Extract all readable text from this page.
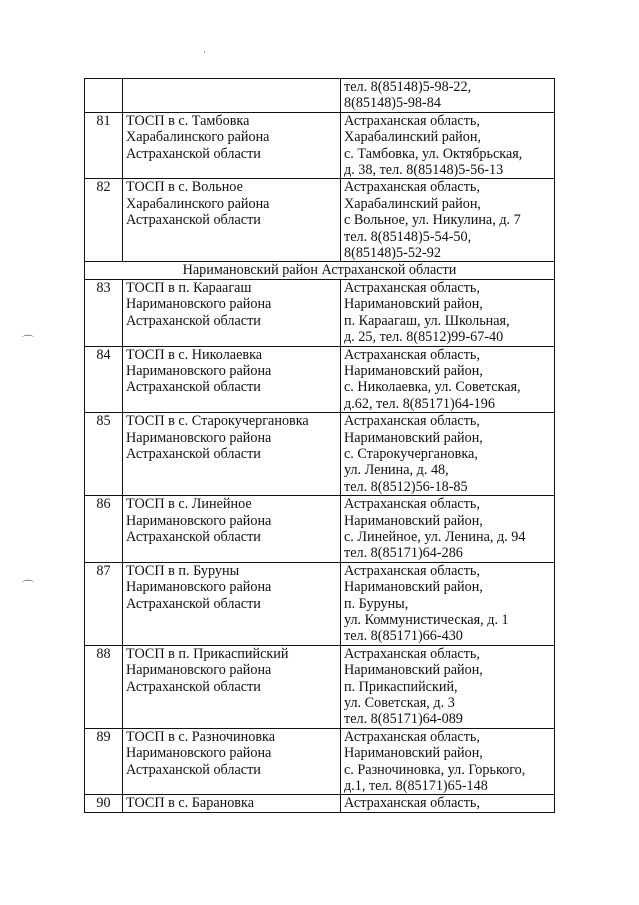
·
⌒
⌒
		тел. 8(85148)5-98-22,
8(85148)5-98-84
81	ТОСП в с. Тамбовка
Харабалинского района
Астраханской области	Астраханская область,
Харабалинский район,
с. Тамбовка, ул. Октябрьская,
д. 38, тел. 8(85148)5-56-13
82	ТОСП в с. Вольное
Харабалинского района
Астраханской области	Астраханская область,
Харабалинский район,
с Вольное, ул. Никулина, д. 7
тел. 8(85148)5-54-50,
8(85148)5-52-92
Наримановский район Астраханской области		
83	ТОСП в п. Караагаш
Наримановского района
Астраханской области	Астраханская область,
Наримановский район,
п. Караагаш, ул. Школьная,
д. 25, тел. 8(8512)99-67-40
84	ТОСП в с. Николаевка
Наримановского района
Астраханской области	Астраханская область,
Наримановский район,
с. Николаевка, ул. Советская,
д.62, тел. 8(85171)64-196
85	ТОСП в с. Старокучергановка
Наримановского района
Астраханской области	Астраханская область,
Наримановский район,
с. Старокучергановка,
ул. Ленина, д. 48,
тел. 8(8512)56-18-85
86	ТОСП в с. Линейное
Наримановского района
Астраханской области	Астраханская область,
Наримановский район,
с. Линейное, ул. Ленина, д. 94
тел. 8(85171)64-286
87	ТОСП в п. Буруны
Наримановского района
Астраханской области	Астраханская область,
Наримановский район,
п. Буруны,
ул. Коммунистическая, д. 1
тел. 8(85171)66-430
88	ТОСП в п. Прикаспийский
Наримановского района
Астраханской области	Астраханская область,
Наримановский район,
п. Прикаспийский,
ул. Советская, д. 3
тел. 8(85171)64-089
89	ТОСП в с. Разночиновка
Наримановского района
Астраханской области	Астраханская область,
Наримановский район,
с. Разночиновка, ул. Горького,
д.1, тел. 8(85171)65-148
90	ТОСП в с. Барановка	Астраханская область,
